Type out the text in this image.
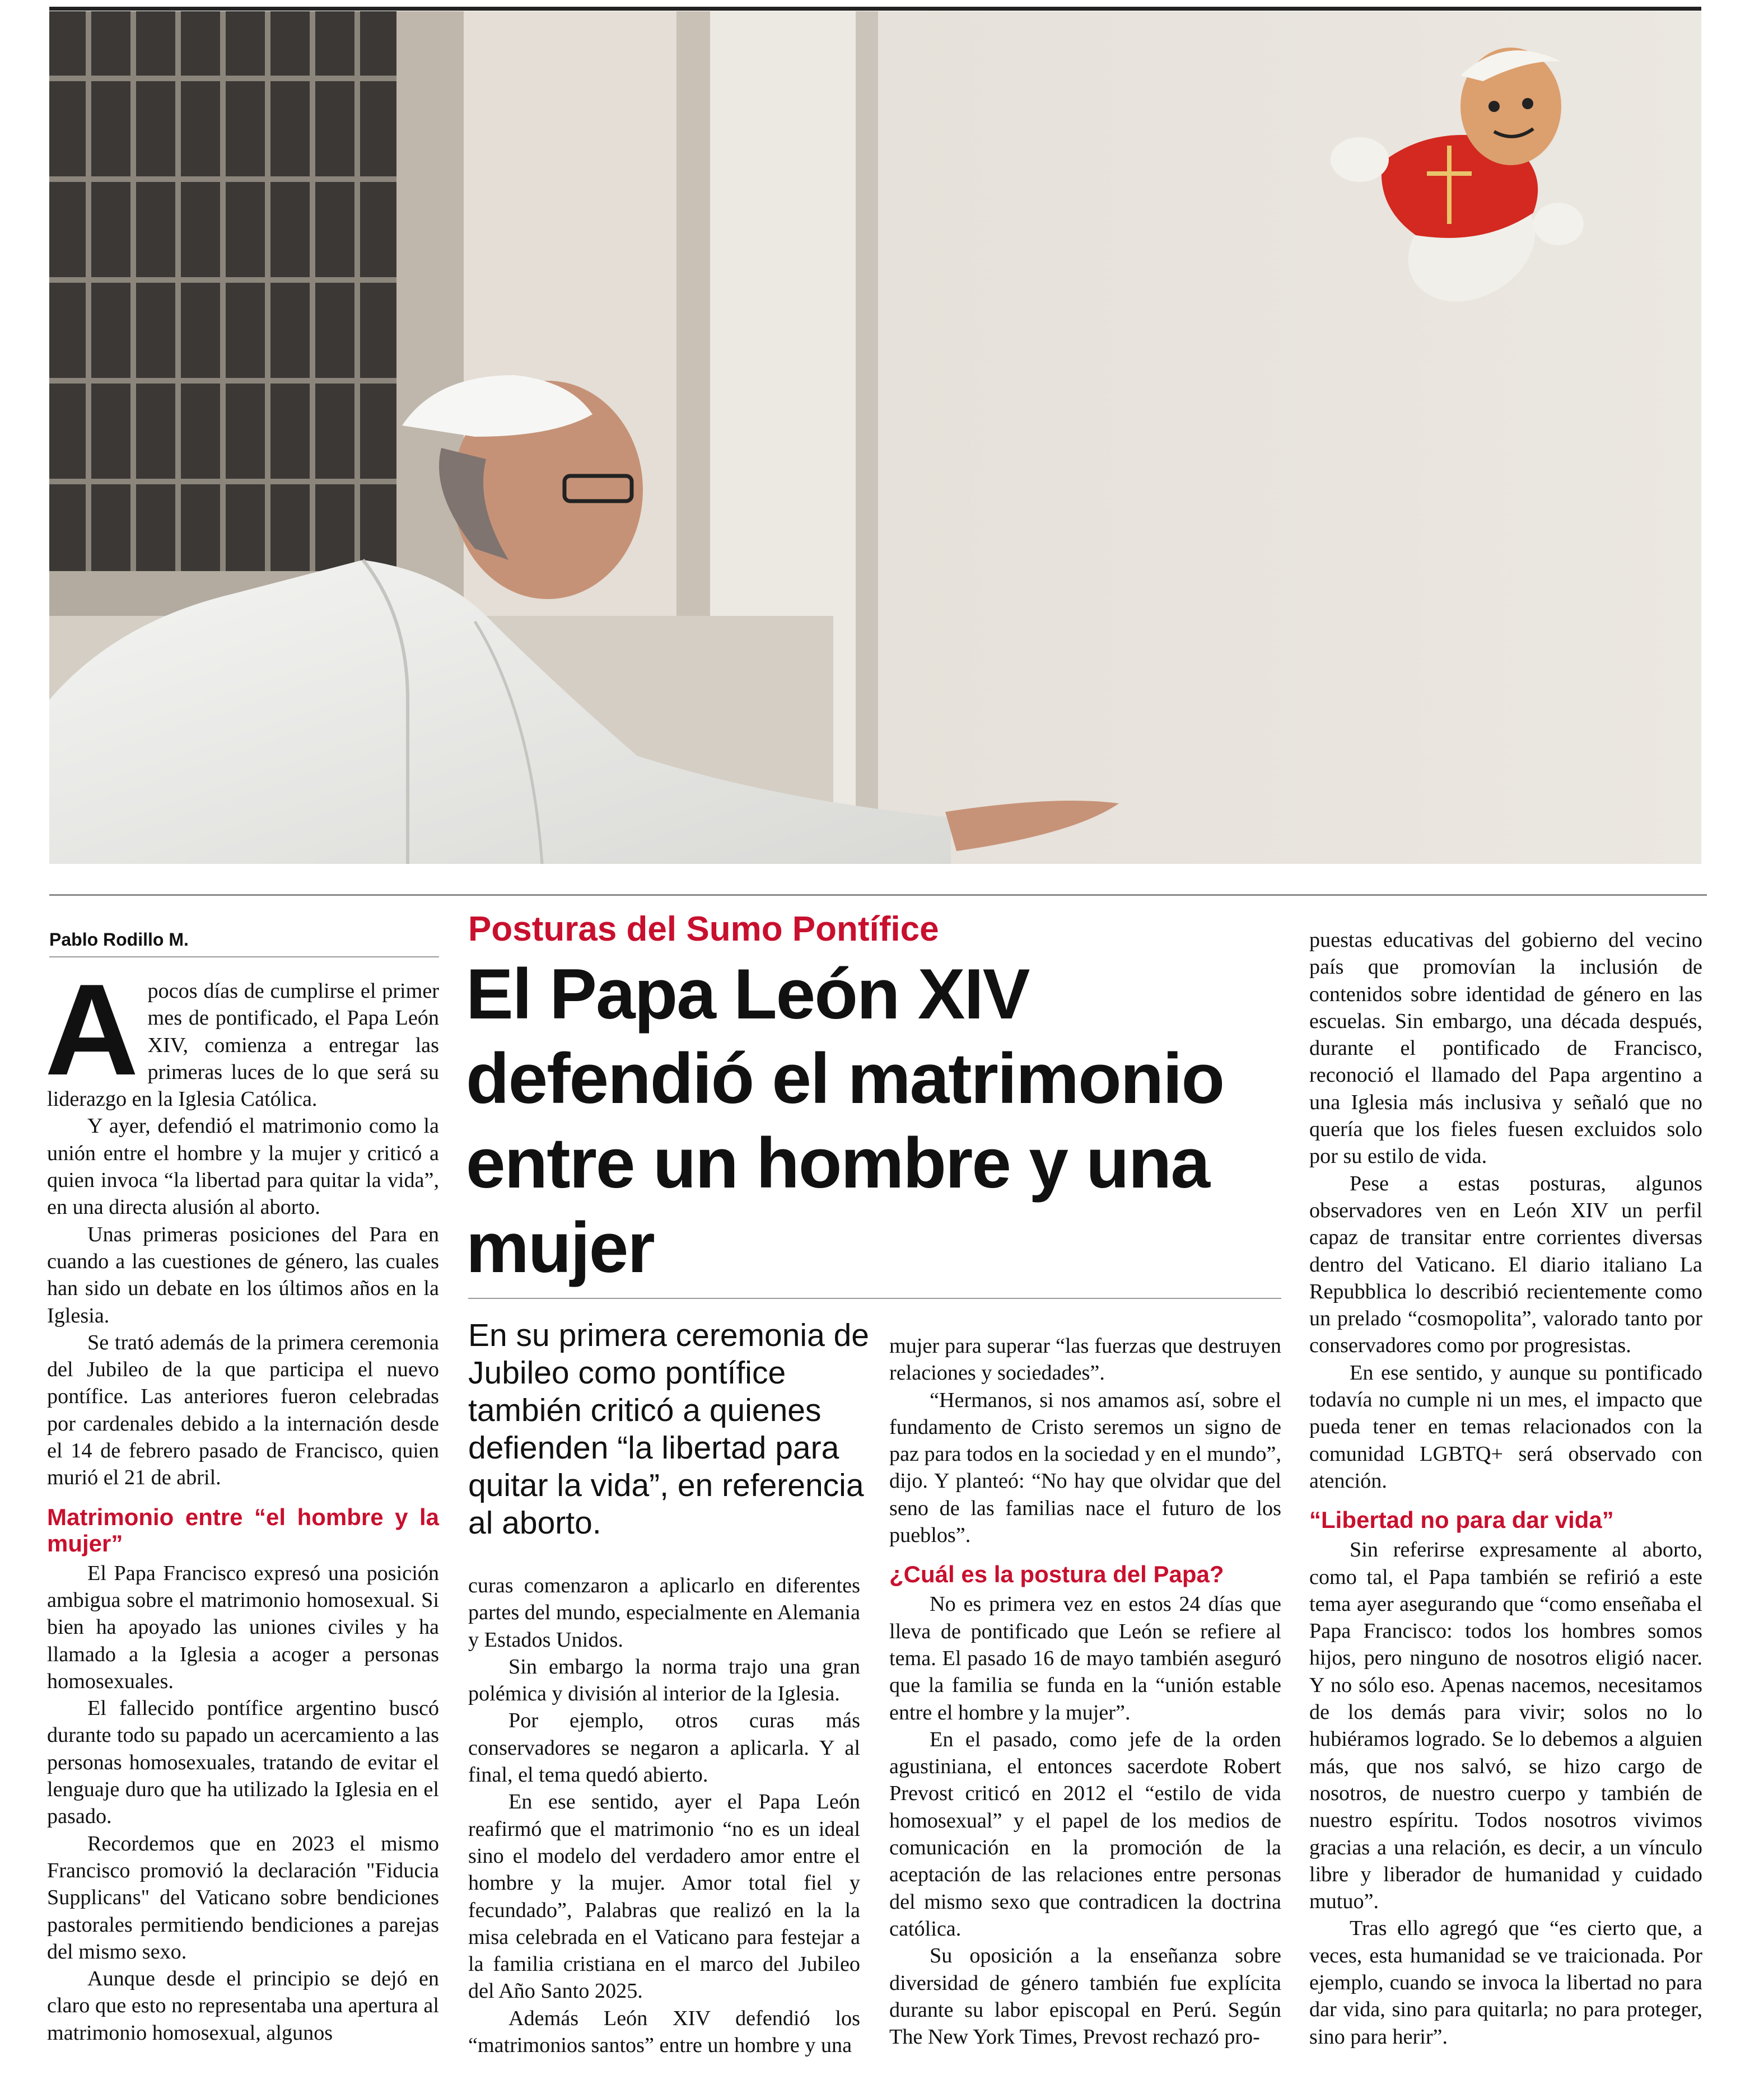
Pablo Rodillo M.

Apocos días de cumplirse el primer mes de pontificado, el Papa León XIV, comienza a entregar las primeras luces de lo que será su liderazgo en la Iglesia Católica.

Y ayer, defendió el matrimonio como la unión entre el hombre y la mujer y criticó a quien invoca “la libertad para quitar la vida”, en una directa alusión al aborto.

Unas primeras posiciones del Para en cuando a las cuestiones de género, las cuales han sido un debate en los últimos años en la Iglesia.

Se trató además de la primera ceremonia del Jubileo de la que participa el nuevo pontífice. Las anteriores fueron celebradas por cardenales debido a la internación desde el 14 de febrero pasado de Francisco, quien murió el 21 de abril.

Matrimonio entre “el hombre y la mujer”

El Papa Francisco expresó una posición ambigua sobre el matrimonio homosexual. Si bien ha apoyado las uniones civiles y ha llamado a la Iglesia a acoger a personas homosexuales.

El fallecido pontífice argentino buscó durante todo su papado un acercamiento a las personas homosexuales, tratando de evitar el lenguaje duro que ha utilizado la Iglesia en el pasado.

Recordemos que en 2023 el mismo Francisco promovió la declaración "Fiducia Supplicans" del Vaticano sobre bendiciones pastorales permitiendo bendiciones a parejas del mismo sexo.

Aunque desde el principio se dejó en claro que esto no representaba una apertura al matrimonio homosexual, algunos

Posturas del Sumo Pontífice
El Papa León XIV defendió el matrimonio entre un hombre y una mujer
En su primera ceremonia de Jubileo como pontífice también criticó a quienes defienden “la libertad para quitar la vida”, en referencia al aborto.

curas comenzaron a aplicarlo en diferentes partes del mundo, especialmente en Alemania y Estados Unidos.

Sin embargo la norma trajo una gran polémica y división al interior de la Iglesia.

Por ejemplo, otros curas más conservadores se negaron a aplicarla. Y al final, el tema quedó abierto.

En ese sentido, ayer el Papa León reafirmó que el matrimonio “no es un ideal sino el modelo del verdadero amor entre el hombre y la mujer. Amor total fiel y fecundado”, Palabras que realizó en la la misa celebrada en el Vaticano para festejar a la familia cristiana en el marco del Jubileo del Año Santo 2025.

Además León XIV defendió los “matrimonios santos” entre un hombre y una

mujer para superar “las fuerzas que destruyen relaciones y sociedades”.

“Hermanos, si nos amamos así, sobre el fundamento de Cristo seremos un signo de paz para todos en la sociedad y en el mundo”, dijo. Y planteó: “No hay que olvidar que del seno de las familias nace el futuro de los pueblos”.

¿Cuál es la postura del Papa?

No es primera vez en estos 24 días que lleva de pontificado que León se refiere al tema. El pasado 16 de mayo también aseguró que la familia se funda en la “unión estable entre el hombre y la mujer”.

En el pasado, como jefe de la orden agustiniana, el entonces sacerdote Robert Prevost criticó en 2012 el “estilo de vida homosexual” y el papel de los medios de comunicación en la promoción de la aceptación de las relaciones entre personas del mismo sexo que contradicen la doctrina católica.

Su oposición a la enseñanza sobre diversidad de género también fue explícita durante su labor episcopal en Perú. Según The New York Times, Prevost rechazó pro-

puestas educativas del gobierno del vecino país que promovían la inclusión de contenidos sobre identidad de género en las escuelas. Sin embargo, una década después, durante el pontificado de Francisco, reconoció el llamado del Papa argentino a una Iglesia más inclusiva y señaló que no quería que los fieles fuesen excluidos solo por su estilo de vida.

Pese a estas posturas, algunos observadores ven en León XIV un perfil capaz de transitar entre corrientes diversas dentro del Vaticano. El diario italiano La Repubblica lo describió recientemente como un prelado “cosmopolita”, valorado tanto por conservadores como por progresistas.

En ese sentido, y aunque su pontificado todavía no cumple ni un mes, el impacto que pueda tener en temas relacionados con la comunidad LGBTQ+ será observado con atención.

“Libertad no para dar vida”

Sin referirse expresamente al aborto, como tal, el Papa también se refirió a este tema ayer asegurando que “como enseñaba el Papa Francisco: todos los hombres somos hijos, pero ninguno de nosotros eligió nacer. Y no sólo eso. Apenas nacemos, necesitamos de los demás para vivir; solos no lo hubiéramos logrado. Se lo debemos a alguien más, que nos salvó, se hizo cargo de nosotros, de nuestro cuerpo y también de nuestro espíritu. Todos nosotros vivimos gracias a una relación, es decir, a un vínculo libre y liberador de humanidad y cuidado mutuo”.

Tras ello agregó que “es cierto que, a veces, esta humanidad se ve traicionada. Por ejemplo, cuando se invoca la libertad no para dar vida, sino para quitarla; no para proteger, sino para herir”.
